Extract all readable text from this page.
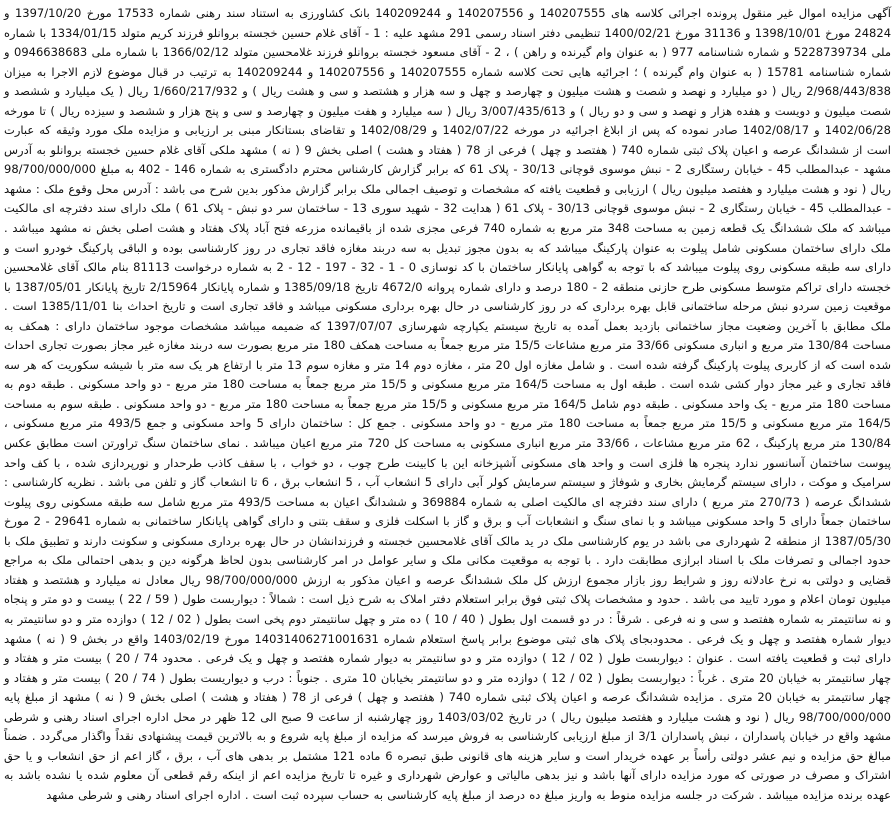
آگهی مزایده اموال غیر منقول پرونده اجرائی کلاسه های 140207555 و 140207556 و 140209244 بانک کشاورزی به استناد سند رهنی شماره 17533 مورخ 1397/10/20 و 24824 مورخ 1398/10/01 و 31136 مورخ 1400/02/21 تنظیمی دفتر اسناد رسمی 291 مشهد علیه : 1 - آقای غلام حسین خجسته بروانلو فرزند کریم متولد 1334/01/15 با شماره ملی 5228739734 و شماره شناسنامه 977 ( به عنوان وام گیرنده و راهن ) ، 2 - آقای مسعود خجسته بروانلو فرزند غلامحسین متولد 1366/02/12 با شماره ملی 0946638683 و شماره شناسنامه 15781 ( به عنوان وام گیرنده ) ؛ اجرائیه هایی تحت کلاسه شماره 140207555 و 140207556 و 140209244 به ترتیب در قبال موضوع لازم الاجرا به میزان 2/968/443/838 ریال ( دو میلیارد و نهصد و شصت و هشت میلیون و چهارصد و چهل و سه هزار و هشتصد و سی و هشت ریال ) و 1/660/217/932 ریال ( یک میلیارد و ششصد و شصت میلیون و دویست و هفده هزار و نهصد و سی و دو ریال ) و 3/007/435/613 ریال ( سه میلیارد و هفت میلیون و چهارصد و سی و پنج هزار و ششصد و سیزده ریال ) تا مورخه 1402/06/28 و 1402/08/17 صادر نموده که پس از ابلاغ اجرائیه در مورخه 1402/07/22 و 1402/08/29 و تقاضای بستانکار مبنی بر ارزیابی و مزایده ملک مورد وثیقه که عبارت است از ششدانگ عرصه و اعیان پلاک ثبتی شماره 740 ( هفتصد و چهل ) فرعی از 78 ( هفتاد و هشت ) اصلی بخش 9 ( نه ) مشهد ملکی آقای غلام حسین خجسته بروانلو به آدرس مشهد - عبدالمطلب 45 - خیابان رستگاری 2 - نبش موسوی قوچانی 30/13 - پلاک 61 که برابر گزارش کارشناس محترم دادگستری به شماره 146 - 402 به مبلغ 98/700/000/000 ریال ( نود و هشت میلیارد و هفتصد میلیون ریال ) ارزیابی و قطعیت یافته که مشخصات و توصیف اجمالی ملک برابر گزارش مذکور بدین شرح می باشد : آدرس محل وقوع ملک : مشهد - عبدالمطلب 45 - خیابان رستگاری 2 - نبش موسوی قوچانی 30/13 - پلاک 61 ( هدایت 32 - شهید سوری 13 - ساختمان سر دو نبش - پلاک 61 ) ملک دارای سند دفترچه ای مالکیت میباشد که ملک ششدانگ یک قطعه زمین به مساحت 348 متر مربع به شماره 740 فرعی مجزی شده از باقیمانده مزرعه فتح آباد پلاک هفتاد و هشت اصلی بخش نه مشهد میباشد . ملک دارای ساختمان مسکونی شامل پیلوت به عنوان پارکینگ میباشد که به بدون مجوز تبدیل به سه دربند مغازه فاقد تجاری در روز کارشناسی بوده و الباقی پارکینگ خودرو است و دارای سه طبقه مسکونی روی پیلوت میباشد که با توجه به گواهی پایانکار ساختمان با کد نوسازی 0 - 1 - 32 - 197 - 12 - 2 به شماره درخواست 81113 بنام مالک آقای غلامحسین خجسته دارای تراکم متوسط مسکونی طرح حازنی منطقه 2 - 180 درصد و دارای شماره پروانه 4672/0 تاریخ 1385/09/18 و شماره پایانکار 2/15964 تاریخ پایانکار 1387/05/01 با موقعیت زمین سردو نبش مرحله ساختمانی قابل بهره برداری که در روز کارشناسی در حال بهره برداری مسکونی میباشد و فاقد تجاری است و تاریخ احداث بنا 1385/11/01 است . ملک مطابق با آخرین وضعیت مجاز ساختمانی بازدید بعمل آمده به تاریخ سیستم یکپارچه شهرسازی 1397/07/07 که ضمیمه میباشد مشخصات موجود ساختمان دارای : همکف به مساحت 130/84 متر مربع و انباری مسکونی 33/66 متر مربع مشاعات 15/5 متر مربع جمعاً به مساحت همکف 180 متر مربع بصورت سه دربند مغازه غیر مجاز بصورت تجاری احداث شده است که از کاربری پیلوت پارکینگ گرفته شده است . و شامل مغازه اول 20 متر ، مغازه دوم 14 متر و مغازه سوم 13 متر با ارتفاع هر یک سه متر با شیشه سکوریت که هر سه فاقد تجاری و غیر مجاز دوار کشی شده است . طبقه اول به مساحت 164/5 متر مربع مسکونی و 15/5 متر مربع جمعاً به مساحت 180 متر مربع - دو واحد مسکونی . طبقه دوم به مساحت 180 متر مربع - یک واحد مسکونی . طبقه دوم شامل 164/5 متر مربع مسکونی و 15/5 متر مربع جمعاً به مساحت 180 متر مربع - دو واحد مسکونی . طبقه سوم به مساحت 164/5 متر مربع مسکونی و 15/5 متر مربع جمعاً به مساحت 180 متر مربع - دو واحد مسکونی . جمع کل : ساختمان دارای 5 واحد مسکونی و جمع 493/5 متر مربع مسکونی ، 130/84 متر مربع پارکینگ ، 62 متر مربع مشاعات ، 33/66 متر مربع انباری مسکونی به مساحت کل 720 متر مربع اعیان میباشد . نمای ساختمان سنگ تراورتن است مطابق عکس پیوست ساختمان آسانسور ندارد پنجره ها فلزی است و واحد های مسکونی آشپزخانه این با کابینت طرح چوب ، دو خواب ، با سقف کاذب طرحدار و نورپردازی شده ، با کف واحد سرامیک و موکت ، دارای سیستم گرمایش بخاری و شوفاژ و سیستم سرمایش کولر آبی دارای 5 انشعاب آب ، 5 انشعاب برق ، 6 تا انشعاب گاز و تلفن می باشد . نظریه کارشناسی : ششدانگ عرصه ( 270/73 متر مربع ) دارای سند دفترچه ای مالکیت اصلی به شماره 369884 و ششدانگ اعیان به مساحت 493/5 متر مربع شامل سه طبقه مسکونی روی پیلوت ساختمان جمعاً دارای 5 واحد مسکونی میباشد و با نمای سنگ و انشعابات آب و برق و گاز با اسکلت فلزی و سقف بتنی و دارای گواهی پایانکار ساختمانی به شماره 29641 - 2 مورخ 1387/05/30 از منطقه 2 شهرداری می باشد در یوم کارشناسی ملک در ید مالک آقای غلامحسین خجسته و فرزندانشان در حال بهره برداری مسکونی و سکونت دارند و تطبیق ملک با حدود اجمالی و تصرفات ملک با اسناد ابرازی مطابقت دارد . با توجه به موقعیت مکانی ملک و سایر عوامل در امر کارشناسی بدون لحاظ هرگونه دین و بدهی احتمالی ملک به مراجع قضایی و دولتی به نرخ عادلانه روز و شرایط روز بازار مجموع ارزش کل ملک ششدانگ عرصه و اعیان مذکور به ارزش 98/700/000/000 ریال معادل نه میلیارد و هشتصد و هفتاد میلیون تومان اعلام و مورد تایید می باشد . حدود و مشخصات پلاک ثبتی فوق برابر استعلام دفتر املاک به شرح ذیل است : شمالاً : دیواربست طول ( 59 / 22 ) بیست و دو متر و پنجاه و نه سانتیمتر به شماره هفتصد و سی و نه فرعی . شرقاً : در دو قسمت اول بطول ( 40 / 10 ) ده متر و چهل سانتیمتر دوم پخی است بطول ( 02 / 12 ) دوازده متر و دو سانتیمتر به دیوار شماره هفتصد و چهل و یک فرعی . محدودبجای پلاک های ثبتی موضوع برابر پاسخ استعلام شماره 14031406271001631 مورخ 1403/02/19 واقع در بخش 9 ( نه ) مشهد دارای ثبت و قطعیت یافته است . عنوان : دیواربست طول ( 02 / 12 ) دوازده متر و دو سانتیمتر به دیوار شماره هفتصد و چهل و یک فرعی . محدود 74 / 20 ) بیست متر و هفتاد و چهار سانتیمتر به خیابان 20 متری . غرباً : دیواربست بطول ( 02 / 12 ) دوازده متر و دو سانتیمتر بخیابان 10 متری . جنوباً : درب و دیواریست بطول ( 74 / 20 ) بیست متر و هفتاد و چهار سانتیمتر به خیابان 20 متری . مزایده ششدانگ عرصه و اعیان پلاک ثبتی شماره 740 ( هفتصد و چهل ) فرعی از 78 ( هفتاد و هشت ) اصلی بخش 9 ( نه ) مشهد از مبلغ پایه 98/700/000/000 ریال ( نود و هشت میلیارد و هفتصد میلیون ریال ) در تاریخ 1403/03/02 روز چهارشنبه از ساعت 9 صبح الی 12 ظهر در محل اداره اجرای اسناد رهنی و شرطی مشهد واقع در خیابان پاسداران ، نبش پاسداران 3/1 از مبلغ ارزیابی کارشناسی به فروش میرسد که مزایده از مبلغ پایه شروع و به بالاترین قیمت پیشنهادی نقداً واگذار می‌گردد . ضمناً مبالغ حق مزایده و نیم عشر دولتی رأساً بر عهده خریدار است و سایر هزینه های قانونی طبق تبصره 6 ماده 121 مشتمل بر بدهی های آب ، برق ، گاز اعم از حق انشعاب و یا حق اشتراک و مصرف در صورتی که مورد مزایده دارای آنها باشد و نیز بدهی مالیاتی و عوارض شهرداری و غیره تا تاریخ مزایده اعم از اینکه رقم قطعی آن معلوم شده یا نشده باشد به عهده برنده مزایده میباشد . شرکت در جلسه مزایده منوط به واریز مبلغ ده درصد از مبلغ پایه کارشناسی به حساب سپرده ثبت است . اداره اجرای اسناد رهنی و شرطی مشهد
